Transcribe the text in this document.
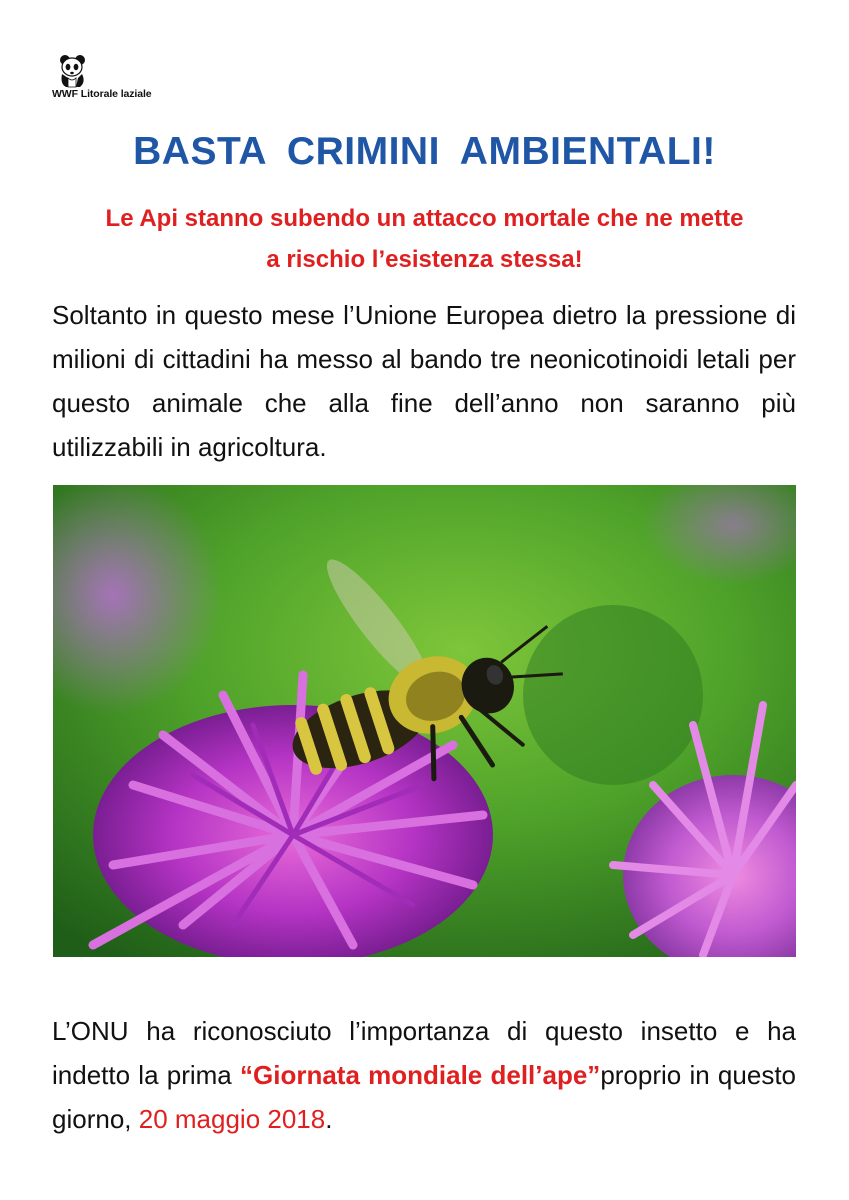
WWF Litorale laziale
BASTA CRIMINI AMBIENTALI!
Le Api stanno subendo un attacco mortale che ne mette
a rischio l’esistenza stessa!
Soltanto in questo mese l’Unione Europea dietro la pressione di milioni di cittadini ha messo al bando tre neonicotinoidi letali per questo animale che alla fine dell’anno non saranno più utilizzabili in agricoltura.
L’ONU ha riconosciuto l’importanza di questo insetto e ha indetto la prima “Giornata mondiale dell’ape”proprio in questo giorno, 20 maggio 2018.
